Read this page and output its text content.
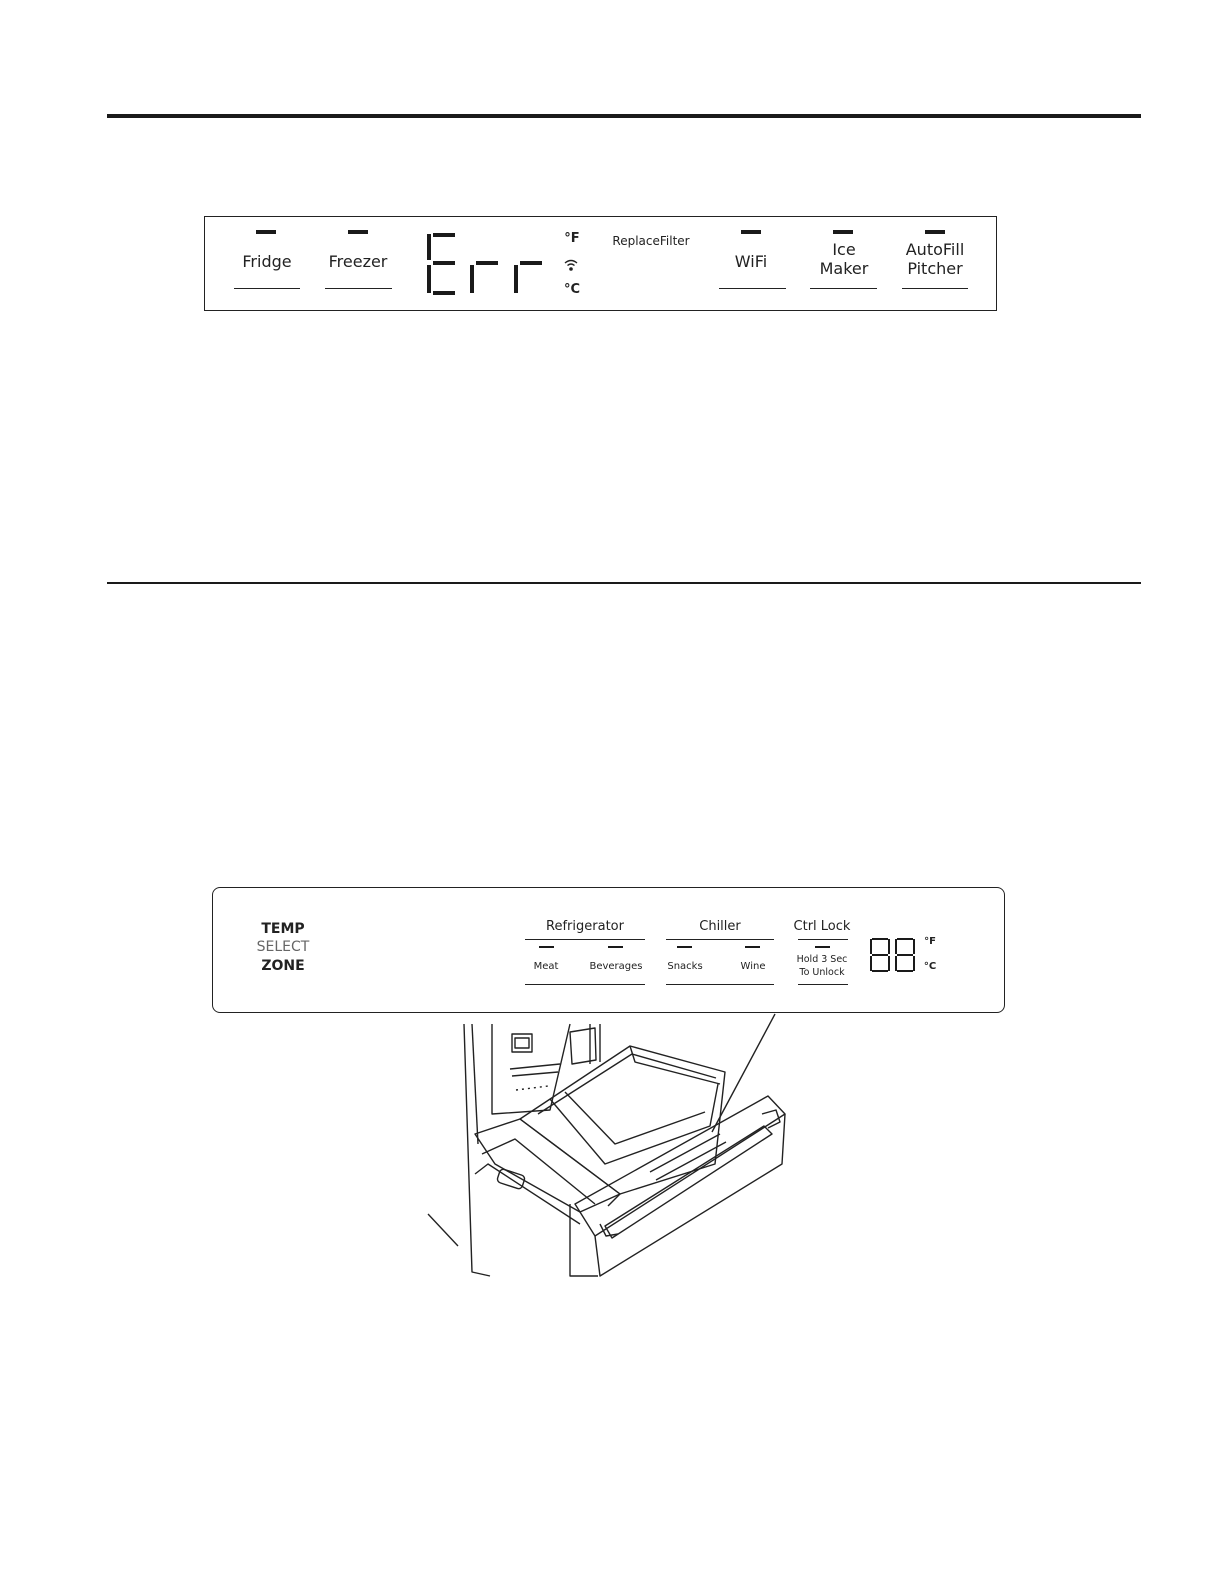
Fridge	Freezer
°F
°C
ReplaceFilter
WiFi
Ice
Maker
AutoFill
Pitcher
TEMP
SELECT
ZONE
Refrigerator
Meat	Beverages
Chiller
Snacks	Wine
Ctrl Lock
Hold 3 Sec
To Unlock
°F
°C
